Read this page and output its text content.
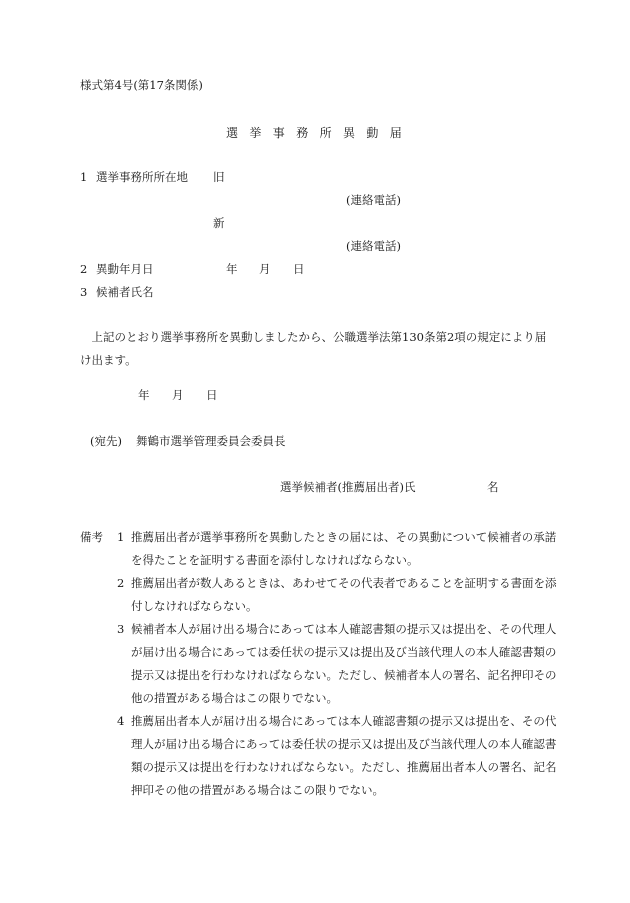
様式第4号(第17条関係)
選挙事務所異動届
1 選挙事務所所在地 旧
(連絡電話)
新
(連絡電話)
2 異動年月日	年 月 日
3 候補者氏名
上記のとおり選挙事務所を異動しましたから、公職選挙法第130条第2項の規定により届け出ます。
年 月 日
(宛先) 舞鶴市選挙管理委員会委員長
選挙候補者(推薦届出者)氏	名
備考 1 推薦届出者が選挙事務所を異動したときの届には、その異動について候補者の承諾を得たことを証明する書面を添付しなければならない。
2 推薦届出者が数人あるときは、あわせてその代表者であることを証明する書面を添付しなければならない。
3 候補者本人が届け出る場合にあっては本人確認書類の提示又は提出を、その代理人が届け出る場合にあっては委任状の提示又は提出及び当該代理人の本人確認書類の提示又は提出を行わなければならない。ただし、候補者本人の署名、記名押印その他の措置がある場合はこの限りでない。
4 推薦届出者本人が届け出る場合にあっては本人確認書類の提示又は提出を、その代理人が届け出る場合にあっては委任状の提示又は提出及び当該代理人の本人確認書類の提示又は提出を行わなければならない。ただし、推薦届出者本人の署名、記名押印その他の措置がある場合はこの限りでない。
